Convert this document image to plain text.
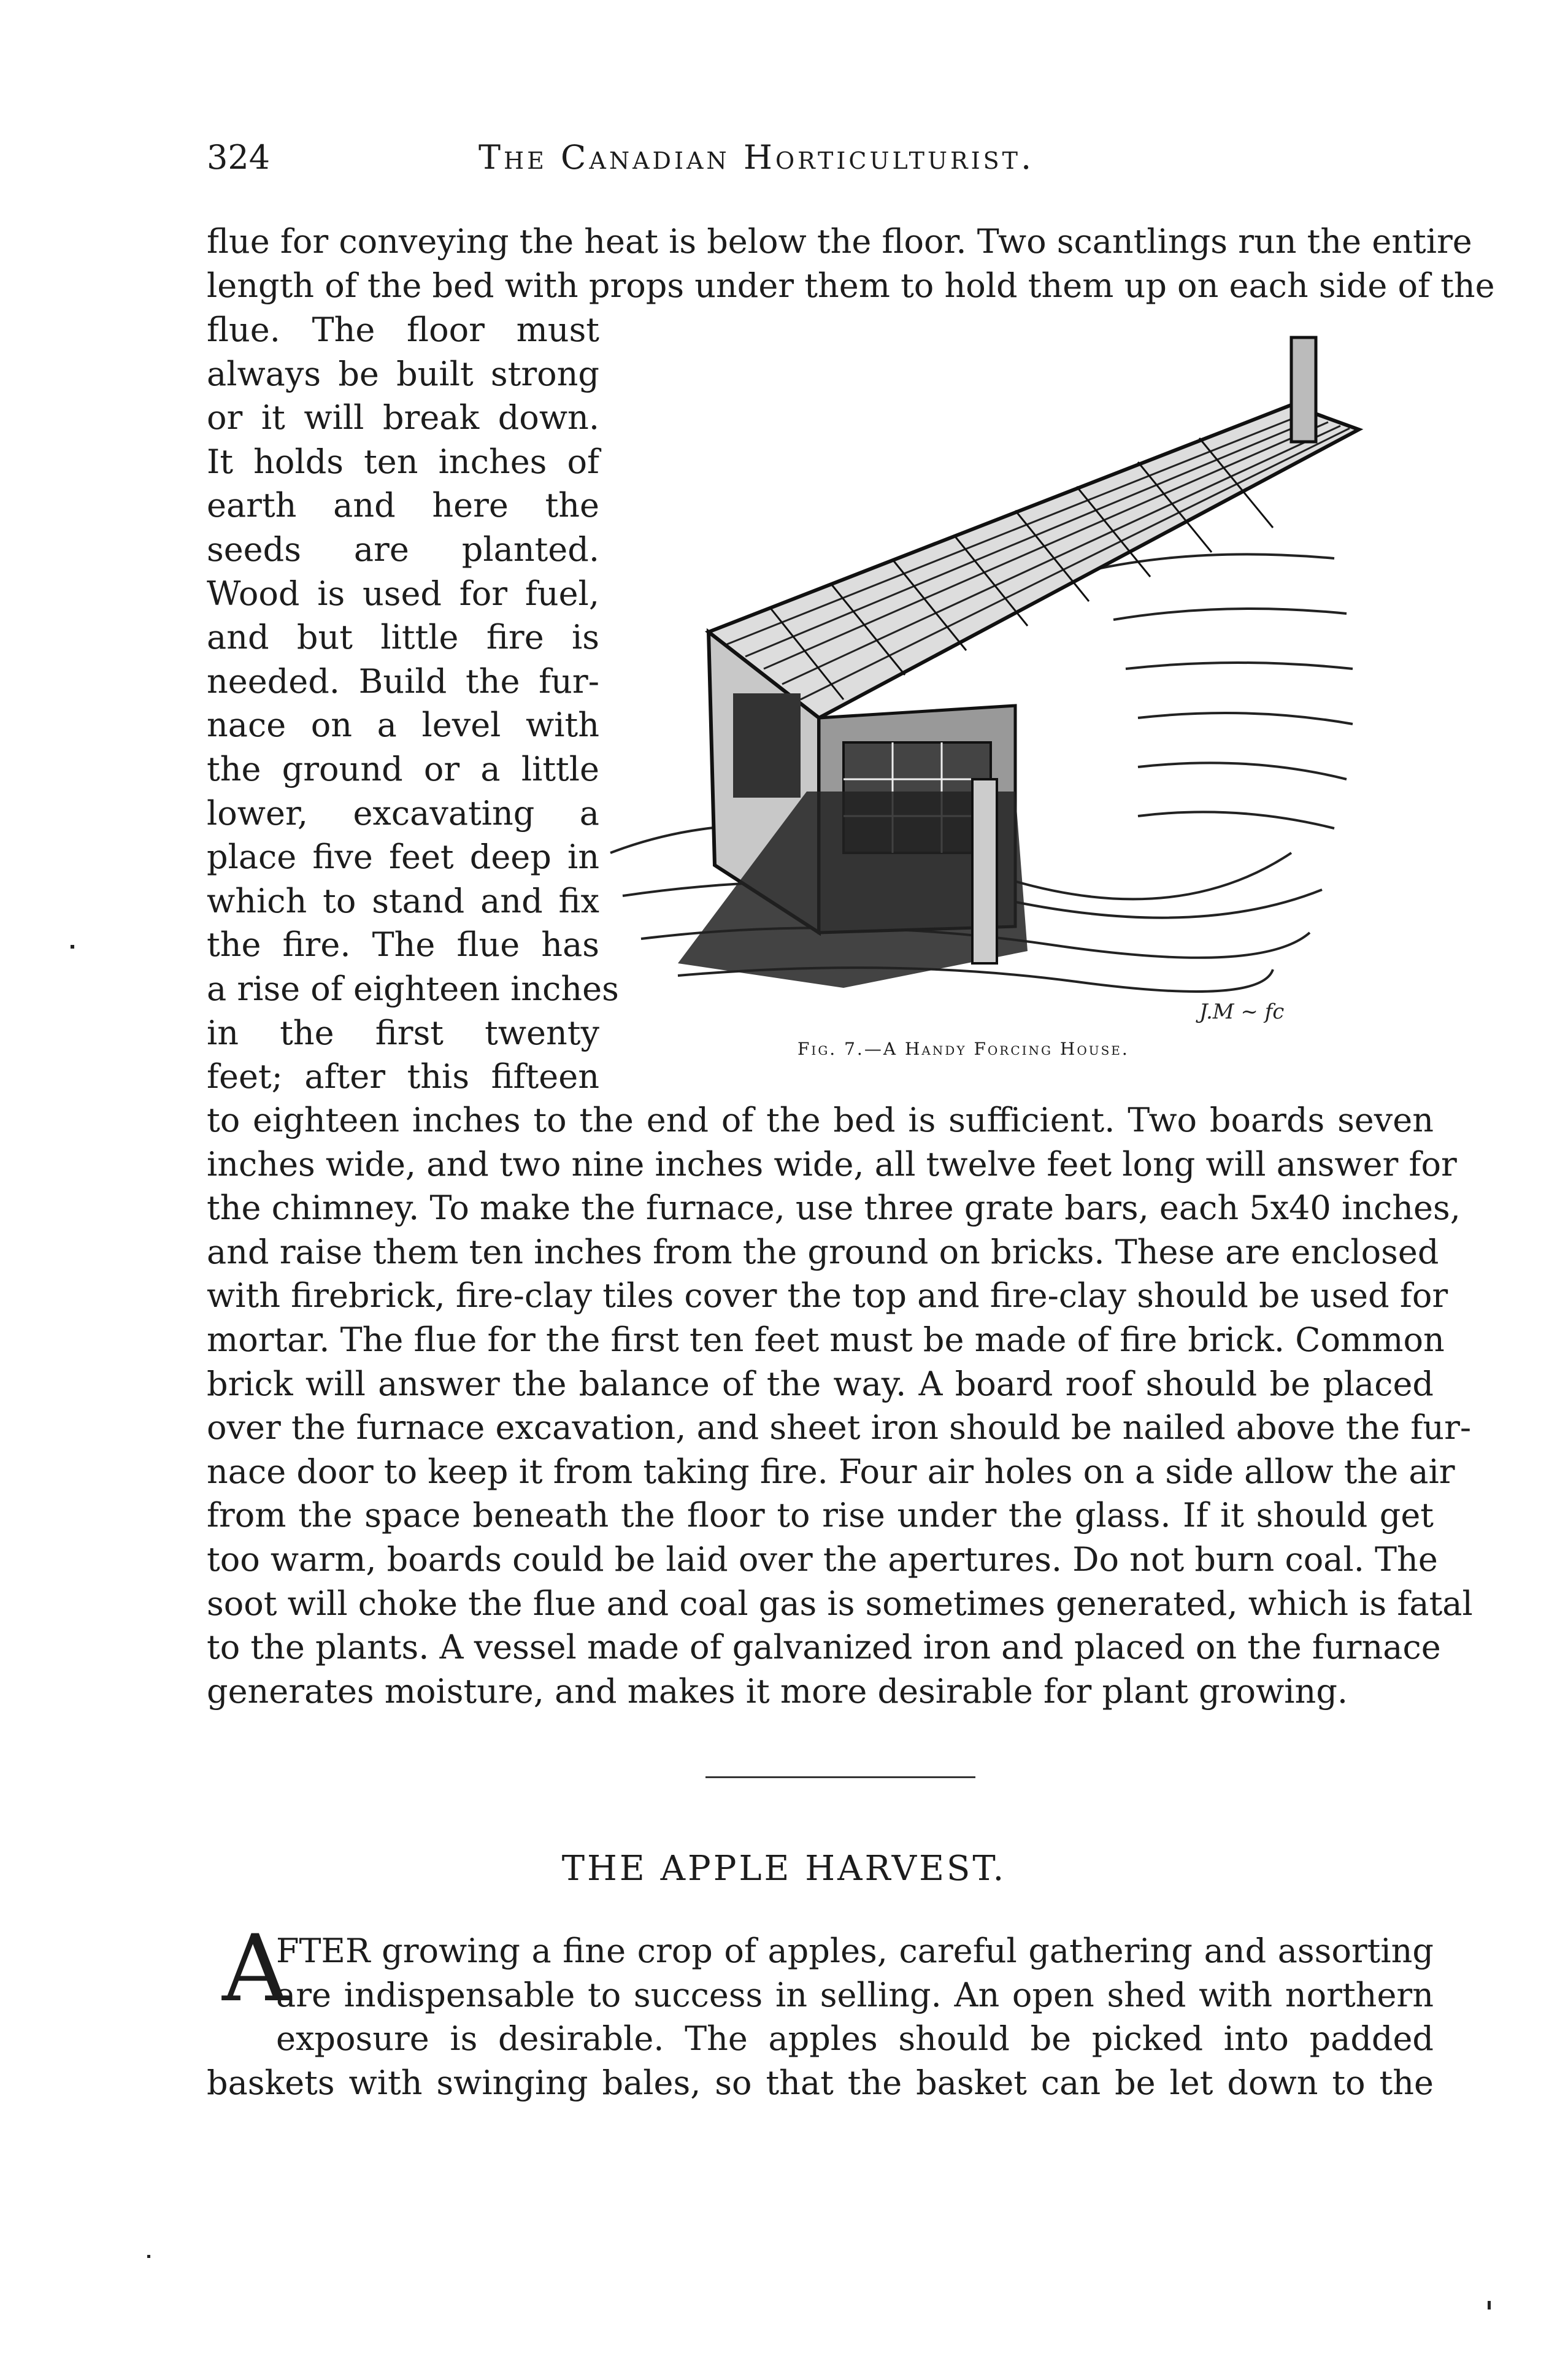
324	The Canadian Horticulturist.
flue for conveying the heat is below the floor. Two scantlings run the entire
length of the bed with props under them to hold them up on each side of the
flue. The floor must
always be built strong
or it will break down.
It holds ten inches of
earth and here the
seeds are planted.
Wood is used for fuel,
and but little fire is
needed. Build the fur-
nace on a level with
the ground or a little
lower, excavating a
place five feet deep in
which to stand and fix
the fire. The flue has
a rise of eighteen inches
in the first twenty
feet; after this fifteen
J.M ~ fc
Fig. 7.—A Handy Forcing House.
to eighteen inches to the end of the bed is sufficient. Two boards seven
inches wide, and two nine inches wide, all twelve feet long will answer for
the chimney. To make the furnace, use three grate bars, each 5x40 inches,
and raise them ten inches from the ground on bricks. These are enclosed
with firebrick, fire-clay tiles cover the top and fire-clay should be used for
mortar. The flue for the first ten feet must be made of fire brick. Common
brick will answer the balance of the way. A board roof should be placed
over the furnace excavation, and sheet iron should be nailed above the fur-
nace door to keep it from taking fire. Four air holes on a side allow the air
from the space beneath the floor to rise under the glass. If it should get
too warm, boards could be laid over the apertures. Do not burn coal. The
soot will choke the flue and coal gas is sometimes generated, which is fatal
to the plants. A vessel made of galvanized iron and placed on the furnace
generates moisture, and makes it more desirable for plant growing.
THE APPLE HARVEST.
A
FTER growing a fine crop of apples, careful gathering and assorting
are indispensable to success in selling. An open shed with northern
exposure is desirable. The apples should be picked into padded
baskets with swinging bales, so that the basket can be let down to the
